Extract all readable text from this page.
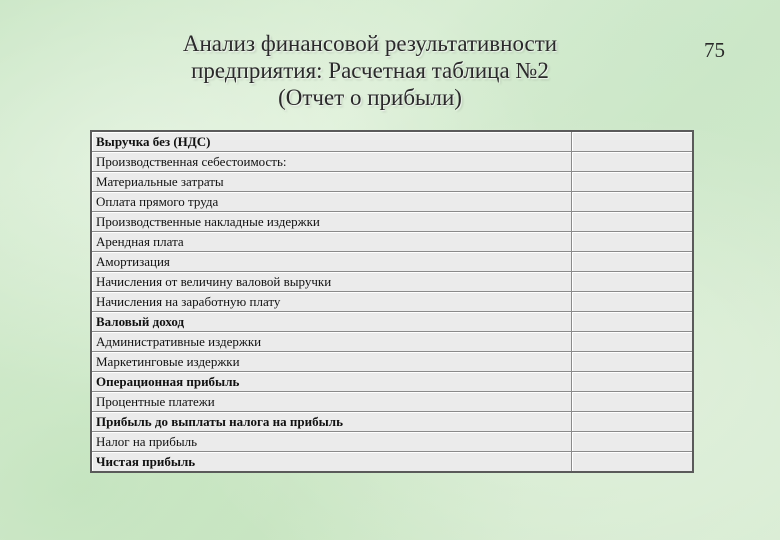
Анализ финансовой результативности
предприятия: Расчетная таблица №2
(Отчет о прибыли)
75
Выручка без (НДС)	
Производственная себестоимость:	
Материальные затраты	
Оплата прямого труда	
Производственные накладные издержки	
Арендная плата	
Амортизация	
Начисления от величину валовой выручки	
Начисления на заработную плату	
Валовый доход	
Административные издержки	
Маркетинговые издержки	
Операционная прибыль	
Процентные платежи	
Прибыль до выплаты налога на прибыль	
Налог на прибыль	
Чистая прибыль	
